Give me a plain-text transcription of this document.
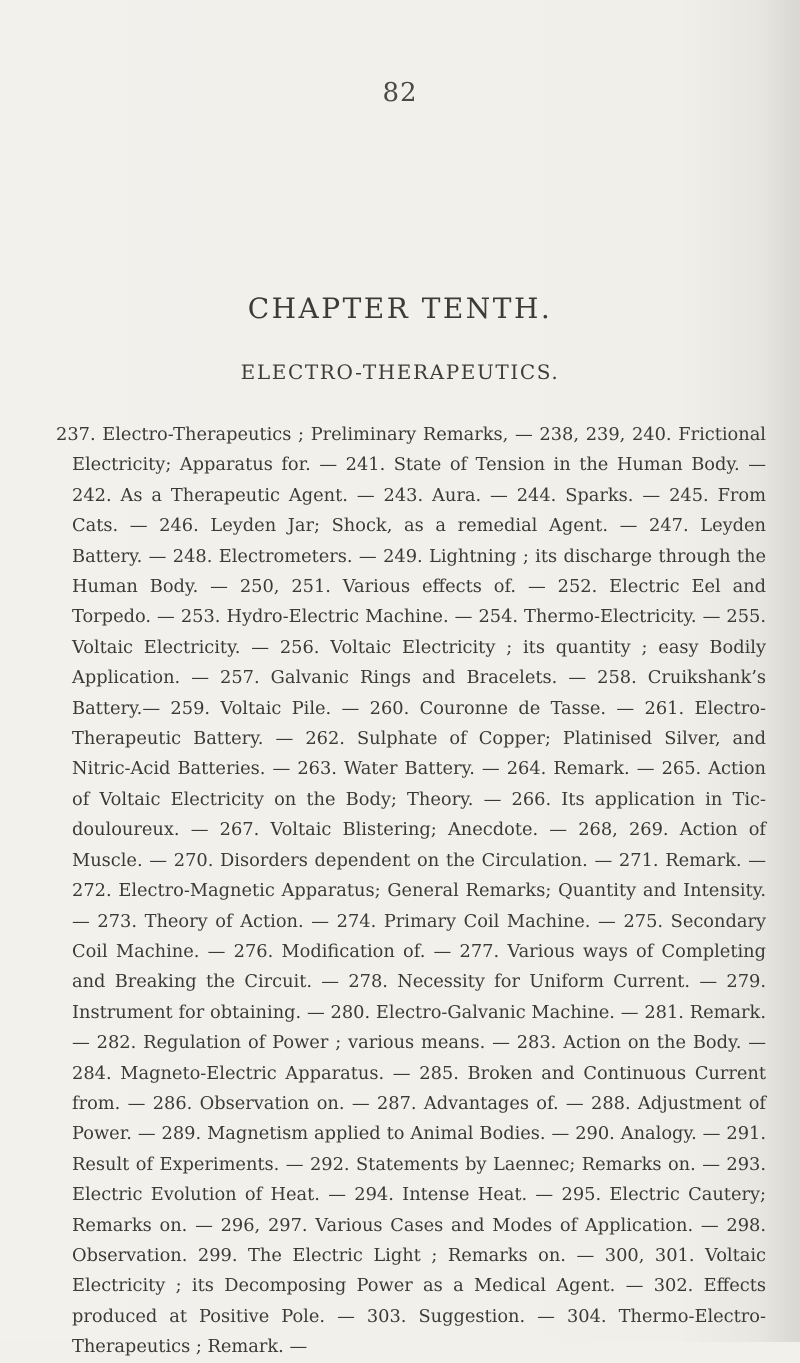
82
CHAPTER TENTH.
ELECTRO-THERAPEUTICS.

237. Electro-Therapeutics ; Preliminary Remarks, — 238, 239, 240. Frictional Electricity; Apparatus for. — 241. State of Tension in the Human Body. — 242. As a Therapeutic Agent. — 243. Aura. — 244. Sparks. — 245. From Cats. — 246. Leyden Jar; Shock, as a remedial Agent. — 247. Leyden Battery. — 248. Electrometers. — 249. Lightning ; its discharge through the Human Body. — 250, 251. Various effects of. — 252. Electric Eel and Torpedo. — 253. Hydro-Electric Machine. — 254. Thermo-Electricity. — 255. Voltaic Electricity. — 256. Voltaic Electricity ; its quantity ; easy Bodily Application. — 257. Galvanic Rings and Bracelets. — 258. Cruikshank’s Battery.— 259. Voltaic Pile. — 260. Couronne de Tasse. — 261. Electro-Therapeutic Battery. — 262. Sulphate of Copper; Platinised Silver, and Nitric-Acid Batteries. — 263. Water Battery. — 264. Remark. — 265. Action of Voltaic Electricity on the Body; Theory. — 266. Its application in Tic-douloureux. — 267. Voltaic Blistering; Anecdote. — 268, 269. Action of Muscle. — 270. Disorders dependent on the Circulation. — 271. Remark. — 272. Electro-Magnetic Apparatus; General Remarks; Quantity and Intensity. — 273. Theory of Action. — 274. Primary Coil Machine. — 275. Secondary Coil Machine. — 276. Modification of. — 277. Various ways of Completing and Breaking the Circuit. — 278. Necessity for Uniform Current. — 279. Instrument for obtaining. — 280. Electro-Galvanic Machine. — 281. Remark. — 282. Regulation of Power ; various means. — 283. Action on the Body. — 284. Magneto-Electric Apparatus. — 285. Broken and Continuous Current from. — 286. Observation on. — 287. Advantages of. — 288. Adjustment of Power. — 289. Magnetism applied to Animal Bodies. — 290. Analogy. — 291. Result of Experiments. — 292. Statements by Laennec; Remarks on. — 293. Electric Evolution of Heat. — 294. Intense Heat. — 295. Electric Cautery; Remarks on. — 296, 297. Various Cases and Modes of Application. — 298. Observation. 299. The Electric Light ; Remarks on. — 300, 301. Voltaic Electricity ; its Decomposing Power as a Medical Agent. — 302. Effects produced at Positive Pole. — 303. Suggestion. — 304. Thermo-Electro-Therapeutics ; Remark. —
